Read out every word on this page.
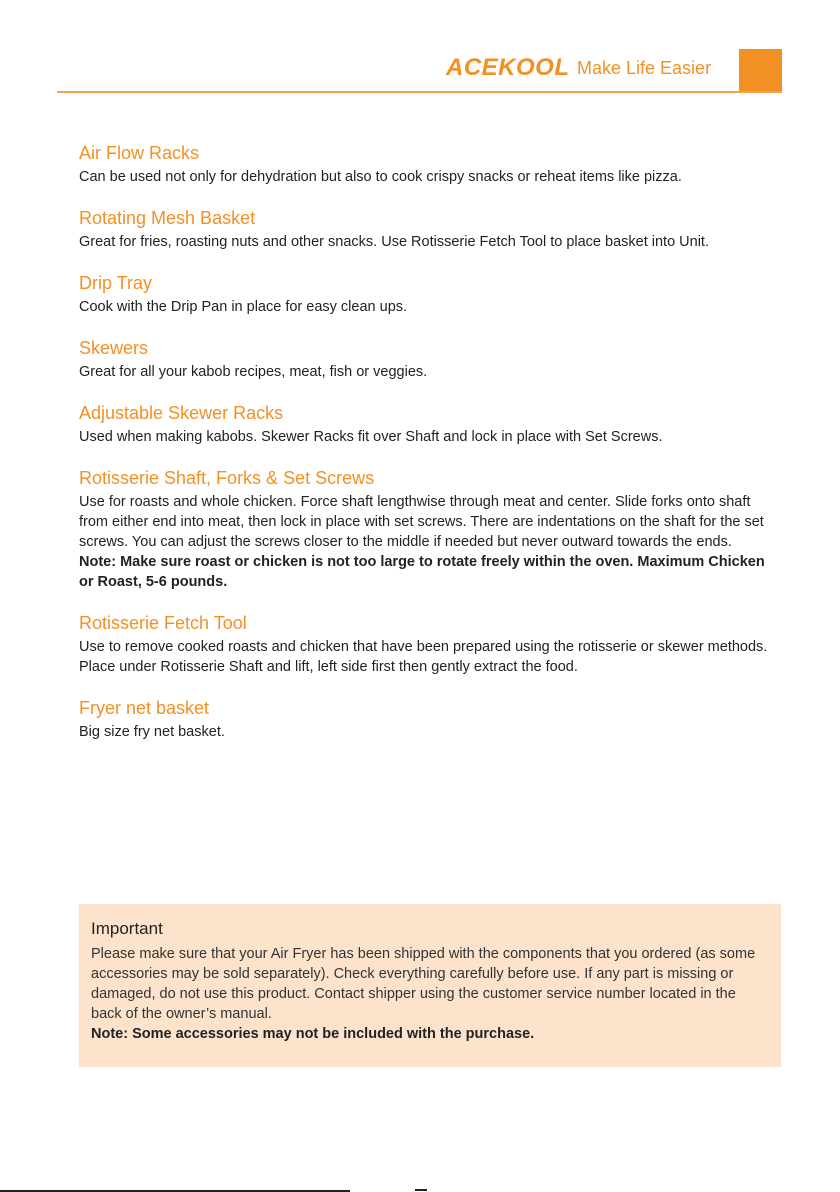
ACEKOOL Make Life Easier
Air Flow Racks

Can be used not only for dehydration but also to cook crispy snacks or reheat items like pizza.

Rotating Mesh Basket

Great for fries, roasting nuts and other snacks. Use Rotisserie Fetch Tool to place basket into Unit.

Drip Tray

Cook with the Drip Pan in place for easy clean ups.

Skewers

Great for all your kabob recipes, meat, fish or veggies.

Adjustable Skewer Racks

Used when making kabobs. Skewer Racks fit over Shaft and lock in place with Set Screws.

Rotisserie Shaft, Forks & Set Screws

Use for roasts and whole chicken. Force shaft lengthwise through meat and center. Slide forks onto shaft from either end into meat, then lock in place with set screws. There are indentations on the shaft for the set screws. You can adjust the screws closer to the middle if needed but never outward towards the ends.

Note: Make sure roast or chicken is not too large to rotate freely within the oven. Maximum Chicken or Roast, 5-6 pounds.

Rotisserie Fetch Tool

Use to remove cooked roasts and chicken that have been prepared using the rotisserie or skewer methods. Place under Rotisserie Shaft and lift, left side first then gently extract the food.

Fryer net basket

Big size fry net basket.

Important

Please make sure that your Air Fryer has been shipped with the components that you ordered (as some accessories may be sold separately). Check everything carefully before use. If any part is missing or damaged, do not use this product. Contact shipper using the customer service number located in the back of the owner’s manual.

Note: Some accessories may not be included with the purchase.
